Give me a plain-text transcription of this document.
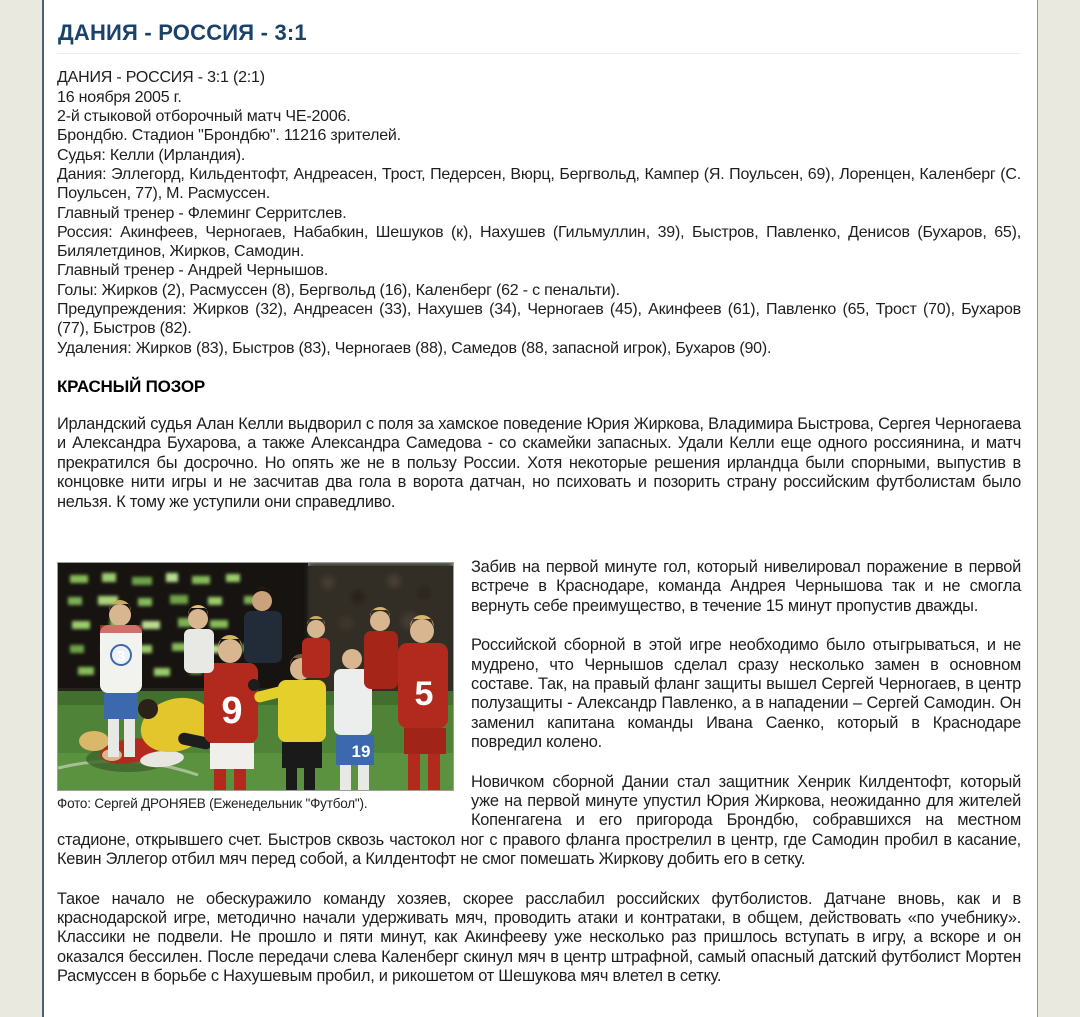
ДАНИЯ - РОССИЯ - 3:1
ДАНИЯ - РОССИЯ - 3:1 (2:1)
16 ноября 2005 г.
2-й стыковой отборочный матч ЧЕ-2006.
Брондбю. Стадион "Брондбю". 11216 зрителей.
Судья: Келли (Ирландия).
Дания: Эллегорд, Кильдентофт, Андреасен, Трост, Педерсен, Вюрц, Бергвольд, Кампер (Я. Поульсен, 69), Лоренцен, Каленберг (С. Поульсен, 77), М. Расмуссен.
Главный тренер - Флеминг Серритслев.
Россия: Акинфеев, Черногаев, Набабкин, Шешуков (к), Нахушев (Гильмуллин, 39), Быстров, Павленко, Денисов (Бухаров, 65), Билялетдинов, Жирков, Самодин.
Главный тренер - Андрей Чернышов.
Голы: Жирков (2), Расмуссен (8), Бергвольд (16), Каленберг (62 - с пенальти).
Предупреждения: Жирков (32), Андреасен (33), Нахушев (34), Черногаев (45), Акинфеев (61), Павленко (65, Трост (70), Бухаров (77), Быстров (82).
Удаления: Жирков (83), Быстров (83), Черногаев (88), Самедов (88, запасной игрок), Бухаров (90).
КРАСНЫЙ ПОЗОР

Ирландский судья Алан Келли выдворил с поля за хамское поведение Юрия Жиркова, Владимира Быстрова, Сергея Черногаева и Александра Бухарова, а также Александра Самедова - со скамейки запасных. Удали Келли еще одного россиянина, и матч прекратился бы досрочно. Но опять же не в пользу России. Хотя некоторые решения ирландца были спорными, выпустив в концовке нити игры и не засчитав два гола в ворота датчан, но психовать и позорить страну российским футболистам было нельзя. К тому же уступили они справедливо.

3
9
19
5
Фото: Сергей ДРОНЯЕВ (Еженедельник "Футбол").

Забив на первой минуте гол, который нивелировал поражение в первой встрече в Краснодаре, команда Андрея Чернышова так и не смогла вернуть себе преимущество, в течение 15 минут пропустив дважды.

Российской сборной в этой игре необходимо было отыгрываться, и не мудрено, что Чернышов сделал сразу несколько замен в основном составе. Так, на правый фланг защиты вышел Сергей Черногаев, в центр полузащиты - Александр Павленко, а в нападении – Сергей Самодин. Он заменил капитана команды Ивана Саенко, который в Краснодаре повредил колено.

Новичком сборной Дании стал защитник Хенрик Килдентофт, который уже на первой минуте упустил Юрия Жиркова, неожиданно для жителей Копенгагена и его пригорода Брондбю, собравшихся на местном стадионе, открывшего счет. Быстров сквозь частокол ног с правого фланга прострелил в центр, где Самодин пробил в касание, Кевин Эллегор отбил мяч перед собой, а Килдентофт не смог помешать Жиркову добить его в сетку.

Такое начало не обескуражило команду хозяев, скорее расслабил российских футболистов. Датчане вновь, как и в краснодарской игре, методично начали удерживать мяч, проводить атаки и контратаки, в общем, действовать «по учебнику». Классики не подвели. Не прошло и пяти минут, как Акинфееву уже несколько раз пришлось вступать в игру, а вскоре и он оказался бессилен. После передачи слева Каленберг скинул мяч в центр штрафной, самый опасный датский футболист Мортен Расмуссен в борьбе с Нахушевым пробил, и рикошетом от Шешукова мяч влетел в сетку.
